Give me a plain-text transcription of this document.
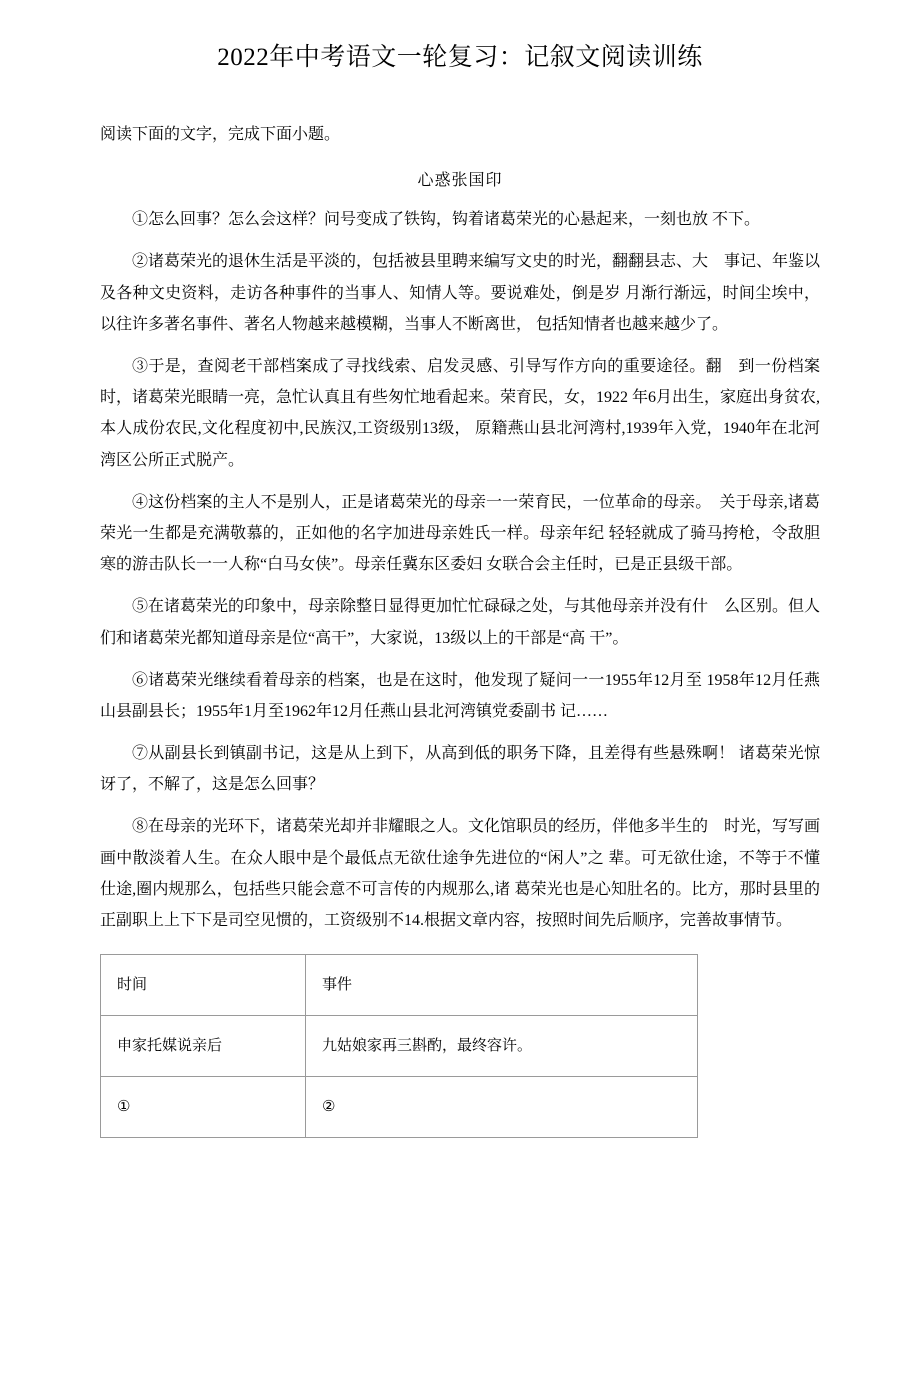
2022年中考语文一轮复习：记叙文阅读训练

阅读下面的文字，完成下面小题。

心惑张国印

①怎么回事？怎么会这样？问号变成了铁钩，钩着诸葛荣光的心悬起来，一刻也放 不下。

②诸葛荣光的退休生活是平淡的，包括被县里聘来编写文史的时光，翻翻县志、大　事记、年鉴以及各种文史资料，走访各种事件的当事人、知情人等。要说难处，倒是岁 月渐行渐远，时间尘埃中，以往许多著名事件、著名人物越来越模糊，当事人不断离世， 包括知情者也越来越少了。

③于是，查阅老干部档案成了寻找线索、启发灵感、引导写作方向的重要途径。翻　到一份档案时，诸葛荣光眼睛一亮，急忙认真且有些匆忙地看起来。荣育民，女，1922 年6月出生，家庭出身贫农,本人成份农民,文化程度初中,民族汉,工资级别13级， 原籍燕山县北河湾村,1939年入党，1940年在北河湾区公所正式脱产。

④这份档案的主人不是别人，正是诸葛荣光的母亲一一荣育民，一位革命的母亲。　关于母亲,诸葛荣光一生都是充满敬慕的，正如他的名字加进母亲姓氏一样。母亲年纪 轻轻就成了骑马挎枪，令敌胆寒的游击队长一一人称“白马女侠”。母亲任冀东区委妇 女联合会主任时，已是正县级干部。

⑤在诸葛荣光的印象中，母亲除整日显得更加忙忙碌碌之处，与其他母亲并没有什　么区别。但人们和诸葛荣光都知道母亲是位“高干”，大家说，13级以上的干部是“高 干”。

⑥诸葛荣光继续看着母亲的档案，也是在这时，他发现了疑问一一1955年12月至 1958年12月任燕山县副县长；1955年1月至1962年12月任燕山县北河湾镇党委副书 记……

⑦从副县长到镇副书记，这是从上到下，从高到低的职务下降，且差得有些悬殊啊！ 诸葛荣光惊讶了，不解了，这是怎么回事？

⑧在母亲的光环下，诸葛荣光却并非耀眼之人。文化馆职员的经历，伴他多半生的　时光，写写画画中散淡着人生。在众人眼中是个最低点无欲仕途争先进位的“闲人”之 辈。可无欲仕途，不等于不懂仕途,圈内规那么，包括些只能会意不可言传的内规那么,诸 葛荣光也是心知肚名的。比方，那时县里的正副职上上下下是司空见惯的，工资级别不14.根据文章内容，按照时间先后顺序，完善故事情节。

时间	事件
申家托媒说亲后	九姑娘家再三斟酌，最终容许。
①	②
